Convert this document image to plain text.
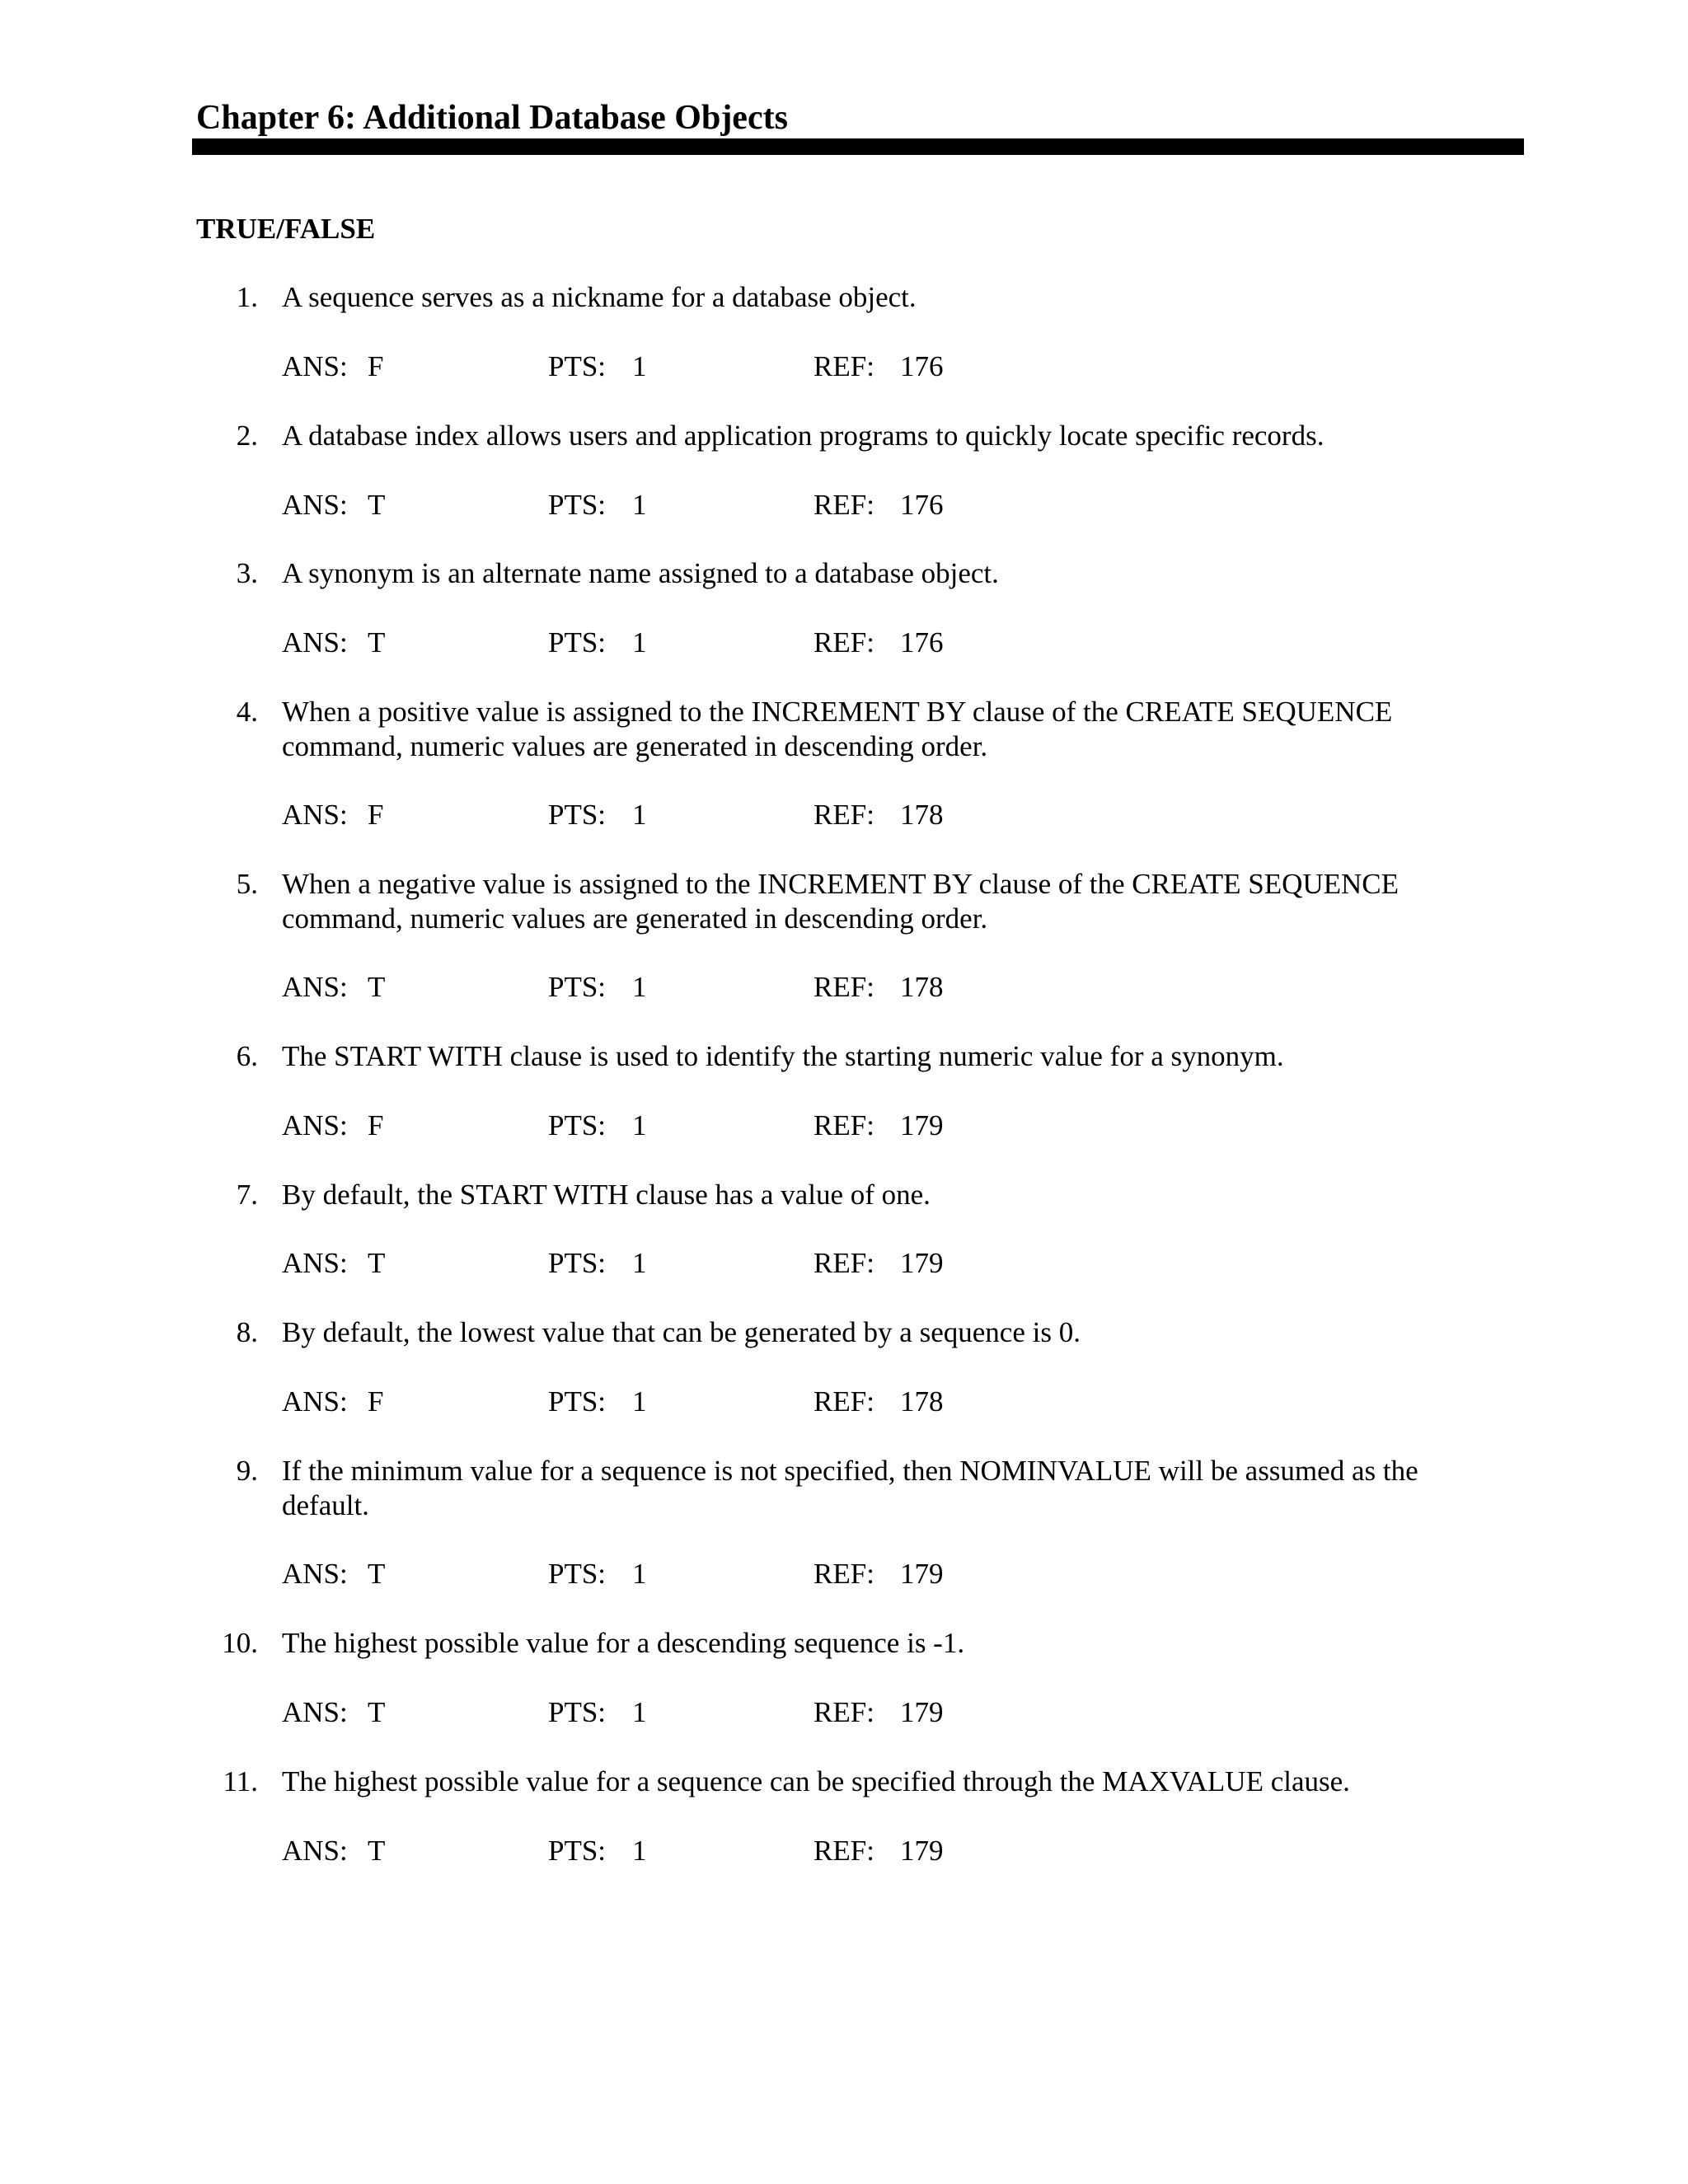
Chapter 6: Additional Database Objects
TRUE/FALSE
1. A sequence serves as a nickname for a database object.
ANS: F	PTS: 1	REF: 176
2. A database index allows users and application programs to quickly locate specific records.
ANS: T	PTS: 1	REF: 176
3. A synonym is an alternate name assigned to a database object.
ANS: T	PTS: 1	REF: 176
4. When a positive value is assigned to the INCREMENT BY clause of the CREATE SEQUENCE command, numeric values are generated in descending order.
ANS: F	PTS: 1	REF: 178
5. When a negative value is assigned to the INCREMENT BY clause of the CREATE SEQUENCE command, numeric values are generated in descending order.
ANS: T	PTS: 1	REF: 178
6. The START WITH clause is used to identify the starting numeric value for a synonym.
ANS: F	PTS: 1	REF: 179
7. By default, the START WITH clause has a value of one.
ANS: T	PTS: 1	REF: 179
8. By default, the lowest value that can be generated by a sequence is 0.
ANS: F	PTS: 1	REF: 178
9. If the minimum value for a sequence is not specified, then NOMINVALUE will be assumed as the default.
ANS: T	PTS: 1	REF: 179
10. The highest possible value for a descending sequence is -1.
ANS: T	PTS: 1	REF: 179
11. The highest possible value for a sequence can be specified through the MAXVALUE clause.
ANS: T	PTS: 1	REF: 179
